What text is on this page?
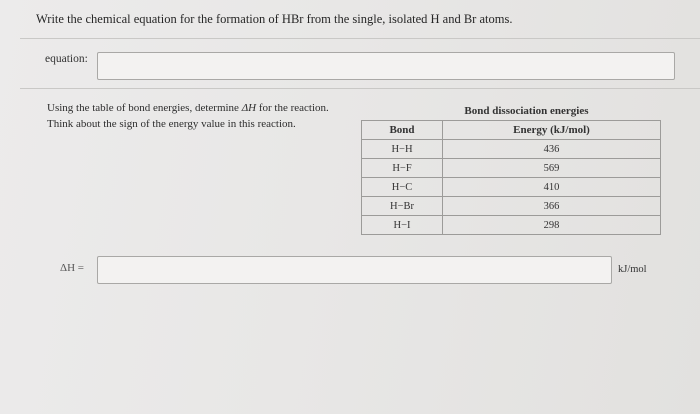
Write the chemical equation for the formation of HBr from the single, isolated H and Br atoms.
equation:
Using the table of bond energies, determine ΔH for the reaction. Think about the sign of the energy value in this reaction.
Bond dissociation energies	
Bond	Energy (kJ/mol)
H−H	436
H−F	569
H−C	410
H−Br	366
H−I	298
ΔH =	kJ/mol
